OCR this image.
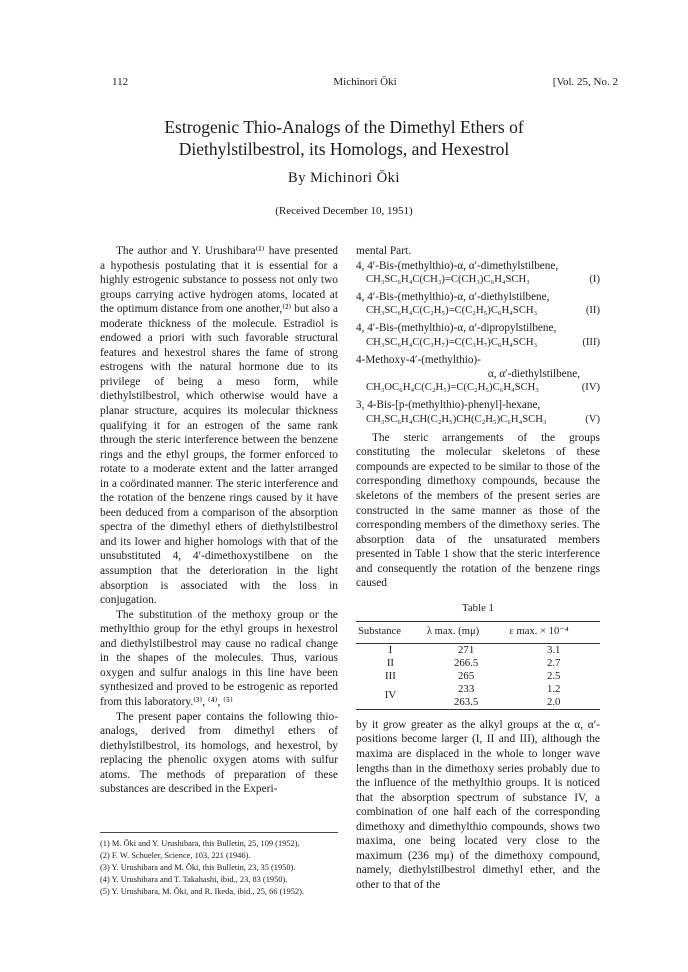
112	Michinori Ōki	[Vol. 25, No. 2
Estrogenic Thio-Analogs of the Dimethyl Ethers of Diethylstilbestrol, its Homologs, and Hexestrol
By Michinori Ōki
(Received December 10, 1951)

The author and Y. Urushibara⁽¹⁾ have presented a hypothesis postulating that it is essential for a highly estrogenic substance to possess not only two groups carrying active hydrogen atoms, located at the optimum distance from one another,⁽²⁾ but also a moderate thickness of the molecule. Estradiol is endowed a priori with such favorable structural features and hexestrol shares the fame of strong estrogens with the natural hormone due to its privilege of being a meso form, while diethylstilbestrol, which otherwise would have a planar structure, acquires its molecular thickness qualifying it for an estrogen of the same rank through the steric interference between the benzene rings and the ethyl groups, the former enforced to rotate to a moderate extent and the latter arranged in a coördinated manner. The steric interference and the rotation of the benzene rings caused by it have been deduced from a comparison of the absorption spectra of the dimethyl ethers of diethylstilbestrol and its lower and higher homologs with that of the unsubstituted 4, 4′-dimethoxystilbene on the assumption that the deterioration in the light absorption is associated with the loss in conjugation.

The substitution of the methoxy group or the methylthio group for the ethyl groups in hexestrol and diethylstilbestrol may cause no radical change in the shapes of the molecules. Thus, various oxygen and sulfur analogs in this line have been synthesized and proved to be estrogenic as reported from this laboratory.⁽³⁾, ⁽⁴⁾, ⁽⁵⁾

The present paper contains the following thio-analogs, derived from dimethyl ethers of diethylstilbestrol, its homologs, and hexestrol, by replacing the phenolic oxygen atoms with sulfur atoms. The methods of preparation of these substances are described in the Experi-

(1) M. Ōki and Y. Urushibara, this Bulletin, 25, 109 (1952).
(2) F. W. Schueler, Science, 103, 221 (1946).
(3) Y. Urushibara and M. Ōki, this Bulletin, 23, 35 (1950).
(4) Y. Urushibara and T. Takahashi, ibid., 23, 83 (1950).
(5) Y. Urushibara, M. Ōki, and R. Ikeda, ibid., 25, 66 (1952).

mental Part.

4, 4′-Bis-(methylthio)-α, α′-dimethylstilbene,
CH₃SC₆H₄C(CH₃)=C(CH₃)C₆H₄SCH₃	(I)
4, 4′-Bis-(methylthio)-α, α′-diethylstilbene,
CH₃SC₆H₄C(C₂H₅)=C(C₂H₅)C₆H₄SCH₃	(II)
4, 4′-Bis-(methylthio)-α, α′-dipropylstilbene,
CH₃SC₆H₄C(C₃H₇)=C(C₃H₇)C₆H₄SCH₃	(III)
4-Methoxy-4′-(methylthio)-
α, α′-diethylstilbene,
CH₃OC₆H₄C(C₂H₅)=C(C₂H₅)C₆H₄SCH₃	(IV)
3, 4-Bis-[p-(methylthio)-phenyl]-hexane,
CH₃SC₆H₄CH(C₂H₅)CH(C₂H₅)C₆H₄SCH₃	(V)

The steric arrangements of the groups constituting the molecular skeletons of these compounds are expected to be similar to those of the corresponding dimethoxy compounds, because the skeletons of the members of the present series are constructed in the same manner as those of the corresponding members of the dimethoxy series. The absorption data of the unsaturated members presented in Table 1 show that the steric interference and consequently the rotation of the benzene rings caused

Table 1
Substance	λ max. (mμ)	ε max. × 10⁻⁴
I	271	3.1
II	266.5	2.7
III	265	2.5
IV	233	1.2
	263.5	2.0

by it grow greater as the alkyl groups at the α, α′-positions become larger (I, II and III), although the maxima are displaced in the whole to longer wave lengths than in the dimethoxy series probably due to the influence of the methylthio groups. It is noticed that the absorption spectrum of substance IV, a combination of one half each of the corresponding dimethoxy and dimethylthio compounds, shows two maxima, one being located very close to the maximum (236 mμ) of the dimethoxy compound, namely, diethylstilbestrol dimethyl ether, and the other to that of the
